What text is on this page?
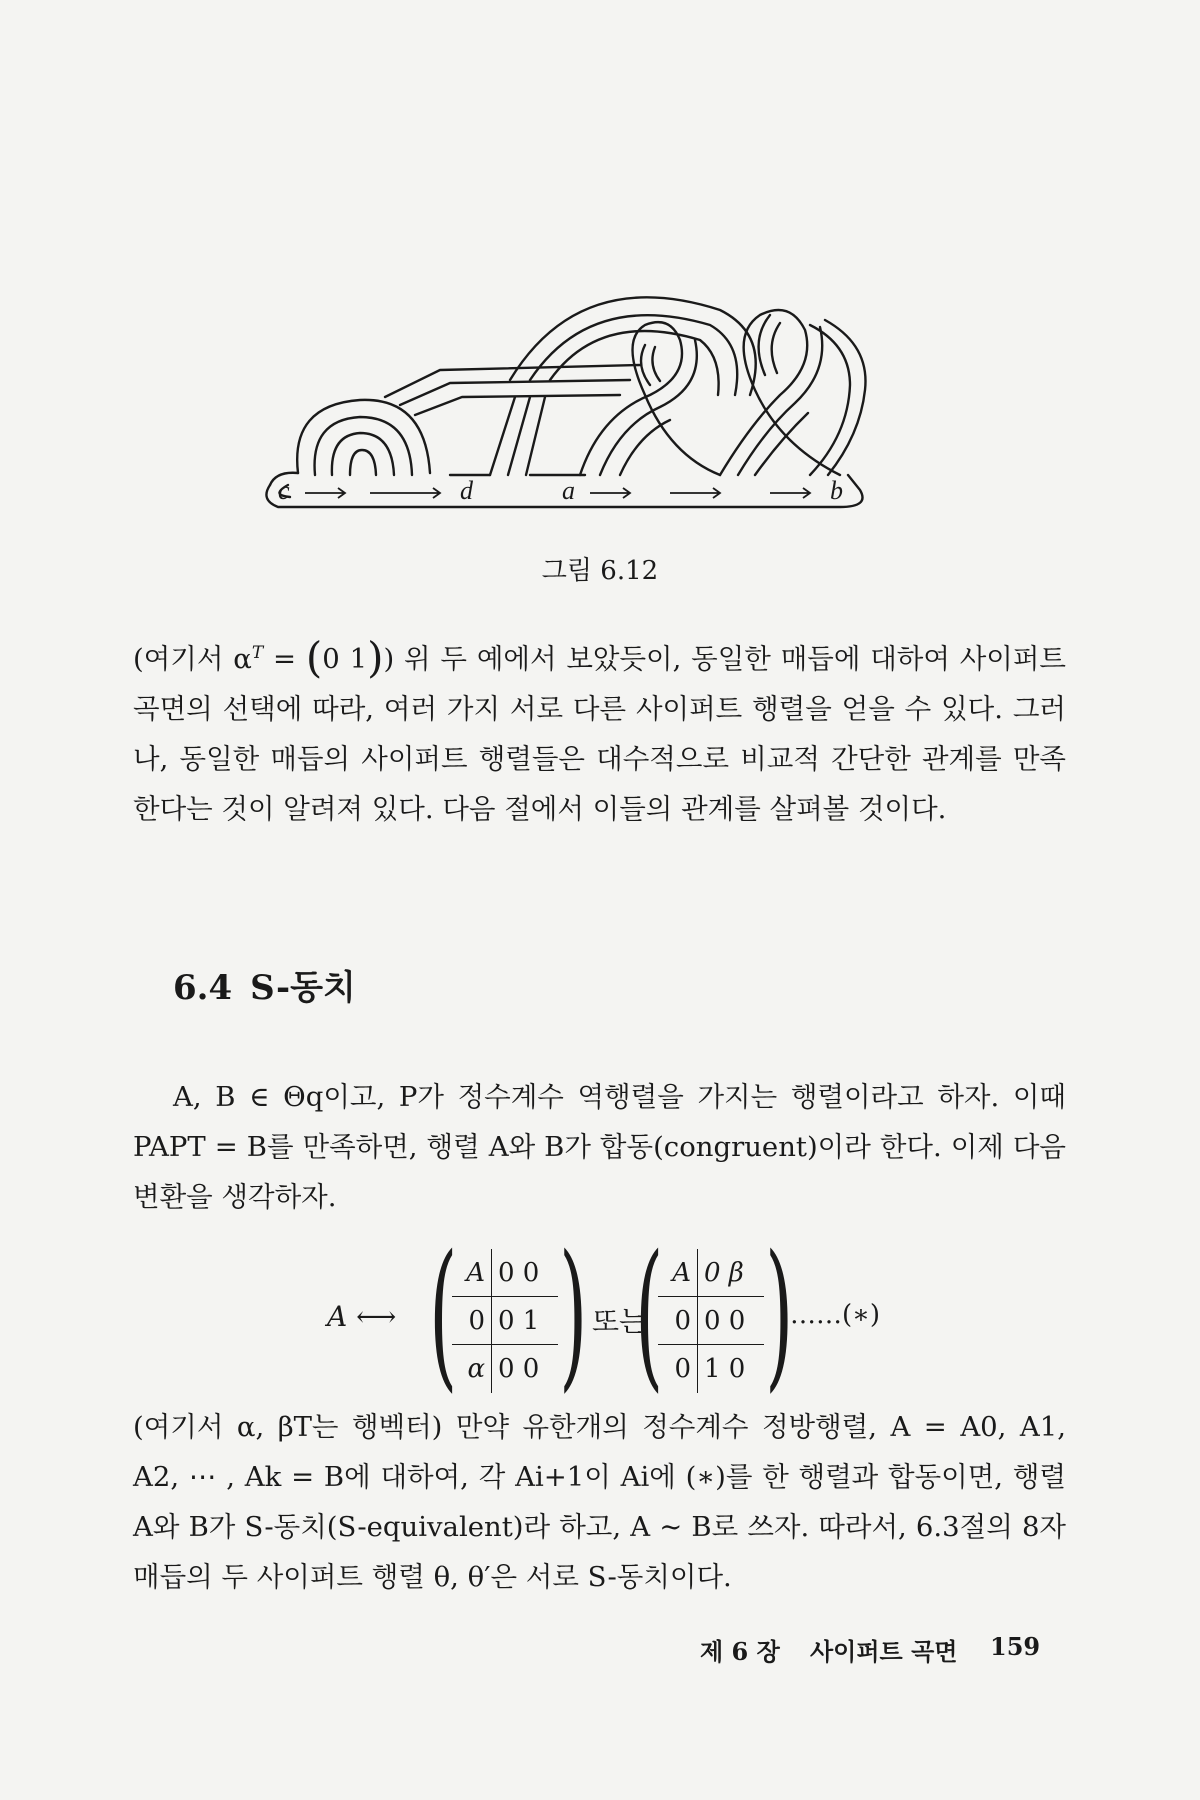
c	d	a	b
그림 6.12
(여기서 $\alpha^T = (0$ 1)) 위 두 예에서 보았듯이, 동일한 매듭에 대하여 사이퍼트 곡면의 선택에 따라, 여러 가지 서로 다른 사이퍼트 행렬을 얻을 수 있다. 그러나, 동일한 매듭의 사이퍼트 행렬들은 대수적으로 비교적 간단한 관계를 만족한다는 것이 알려져 있다. 다음 절에서 이들의 관계를 살펴볼 것이다.
6.4 S-동치
A, B ∈ Θq이고, P가 정수계수 역행렬을 가지는 행렬이라고 하자. 이때 PAPT = B를 만족하면, 행렬 A와 B가 합동(congruent)이라 한다. 이제 다음 변환을 생각하자.
A ⟷ ( A 0 0
0 0 1
α 0 0 ) 또는
( A 0 β
0 0 0
0 1 0 )
……(∗)
(여기서 α, βT는 행벡터) 만약 유한개의 정수계수 정방행렬, A = A0, A1, A2, ⋯ , Ak = B에 대하여, 각 Ai+1이 Ai에 (∗)를 한 행렬과 합동이면, 행렬 A와 B가 S-동치(S-equivalent)라 하고, A ∼ B로 쓰자. 따라서, 6.3절의 8자 매듭의 두 사이퍼트 행렬 θ, θ′은 서로 S-동치이다.
제 6 장 사이퍼트 곡면 159
